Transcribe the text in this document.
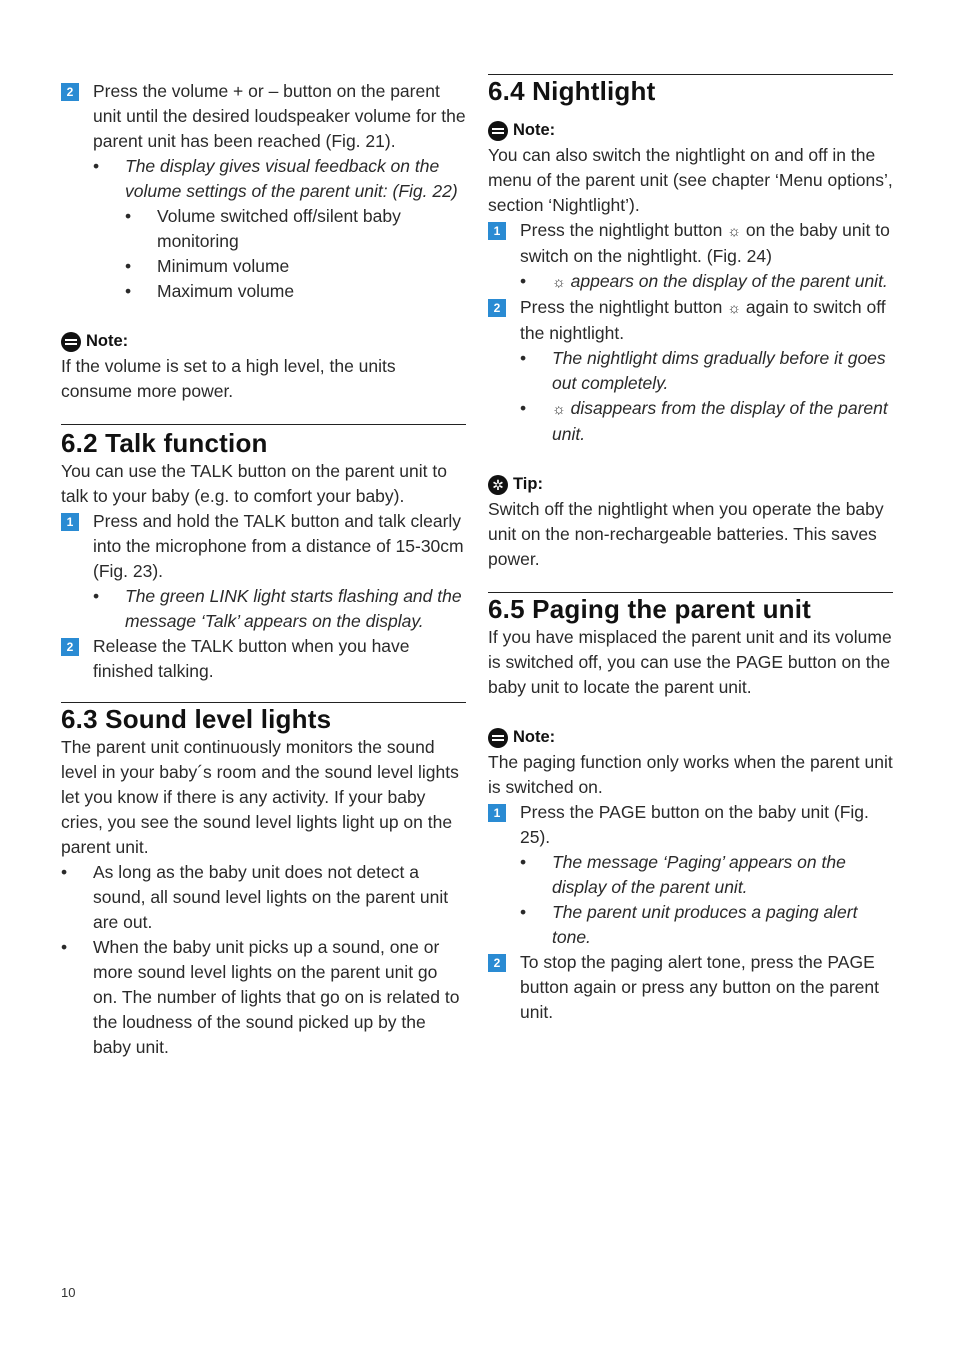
2	Press the volume + or – button on the parent unit until the desired loudspeaker volume for the parent unit has been reached (Fig. 21).
•	The display gives visual feedback on the volume settings of the parent unit: (Fig. 22)
•	Volume switched off/silent baby monitoring
•	Minimum volume
•	Maximum volume
Note:
If the volume is set to a high level, the units consume more power.
6.2 Talk function
You can use the TALK button on the parent unit to talk to your baby (e.g. to comfort your baby).
1	Press and hold the TALK button and talk clearly into the microphone from a distance of 15-30cm (Fig. 23).
•	The green LINK light starts flashing and the message ‘Talk’ appears on the display.
2	Release the TALK button when you have finished talking.
6.3 Sound level lights
The parent unit continuously monitors the sound level in your baby´s room and the sound level lights let you know if there is any activity. If your baby cries, you see the sound level lights light up on the parent unit.
•	As long as the baby unit does not detect a sound, all sound level lights on the parent unit are out.
•	When the baby unit picks up a sound, one or more sound level lights on the parent unit go on. The number of lights that go on is related to the loudness of the sound picked up by the baby unit.
6.4 Nightlight
Note:
You can also switch the nightlight on and off in the menu of the parent unit (see chapter ‘Menu options’, section ‘Nightlight’).
1	Press the nightlight button ☼ on the baby unit to switch on the nightlight. (Fig. 24)
•	☼ appears on the display of the parent unit.
2	Press the nightlight button ☼ again to switch off the nightlight.
•	The nightlight dims gradually before it goes out completely.
•	☼ disappears from the display of the parent unit.
✲ Tip:
Switch off the nightlight when you operate the baby unit on the non-rechargeable batteries. This saves power.
6.5 Paging the parent unit
If you have misplaced the parent unit and its volume is switched off, you can use the PAGE button on the baby unit to locate the parent unit.
Note:
The paging function only works when the parent unit is switched on.
1	Press the PAGE button on the baby unit (Fig. 25).
•	The message ‘Paging’ appears on the display of the parent unit.
•	The parent unit produces a paging alert tone.
2	To stop the paging alert tone, press the PAGE button again or press any button on the parent unit.
10
